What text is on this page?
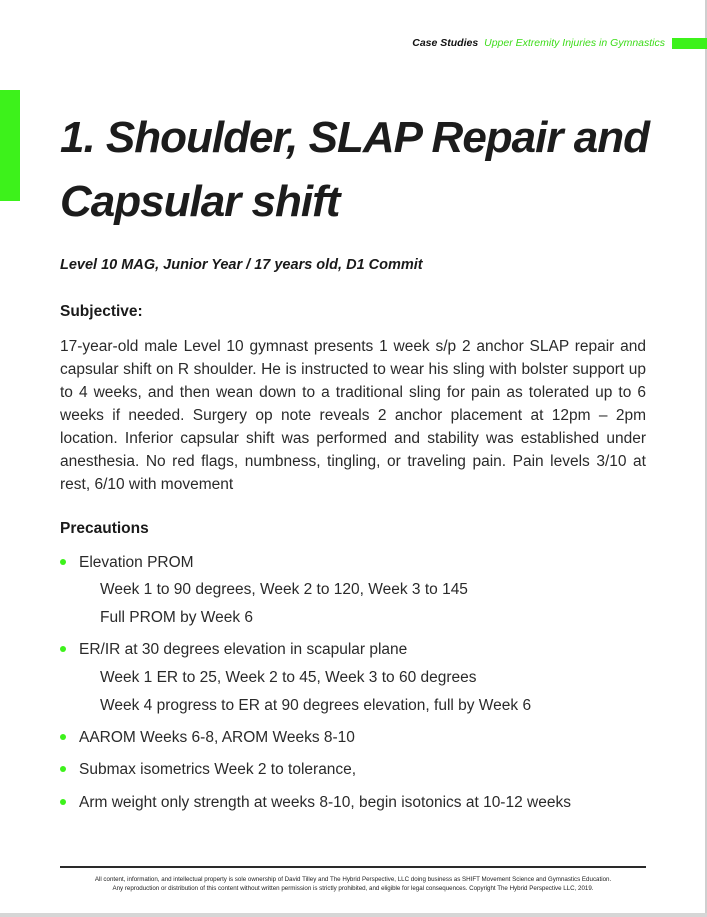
Case Studies Upper Extremity Injuries in Gymnastics
1. Shoulder, SLAP Repair and Capsular shift

Level 10 MAG, Junior Year / 17 years old, D1 Commit

Subjective:

17-year-old male Level 10 gymnast presents 1 week s/p 2 anchor SLAP repair and capsular shift on R shoulder. He is instructed to wear his sling with bolster support up to 4 weeks, and then wean down to a traditional sling for pain as tolerated up to 6 weeks if needed. Surgery op note reveals 2 anchor placement at 12pm – 2pm location. Inferior capsular shift was performed and stability was established under anesthesia. No red flags, numbness, tingling, or traveling pain. Pain levels 3/10 at rest, 6/10 with movement

Precautions
Elevation PROM
Week 1 to 90 degrees, Week 2 to 120, Week 3 to 145
Full PROM by Week 6
ER/IR at 30 degrees elevation in scapular plane
Week 1 ER to 25, Week 2 to 45, Week 3 to 60 degrees
Week 4 progress to ER at 90 degrees elevation, full by Week 6
AAROM Weeks 6-8, AROM Weeks 8-10
Submax isometrics Week 2 to tolerance,
Arm weight only strength at weeks 8-10, begin isotonics at 10-12 weeks
All content, information, and intellectual property is sole ownership of David Tilley and The Hybrid Perspective, LLC doing business as SHIFT Movement Science and Gymnastics Education.
Any reproduction or distribution of this content without written permission is strictly prohibited, and eligible for legal consequences. Copyright The Hybrid Perspective LLC, 2019.
